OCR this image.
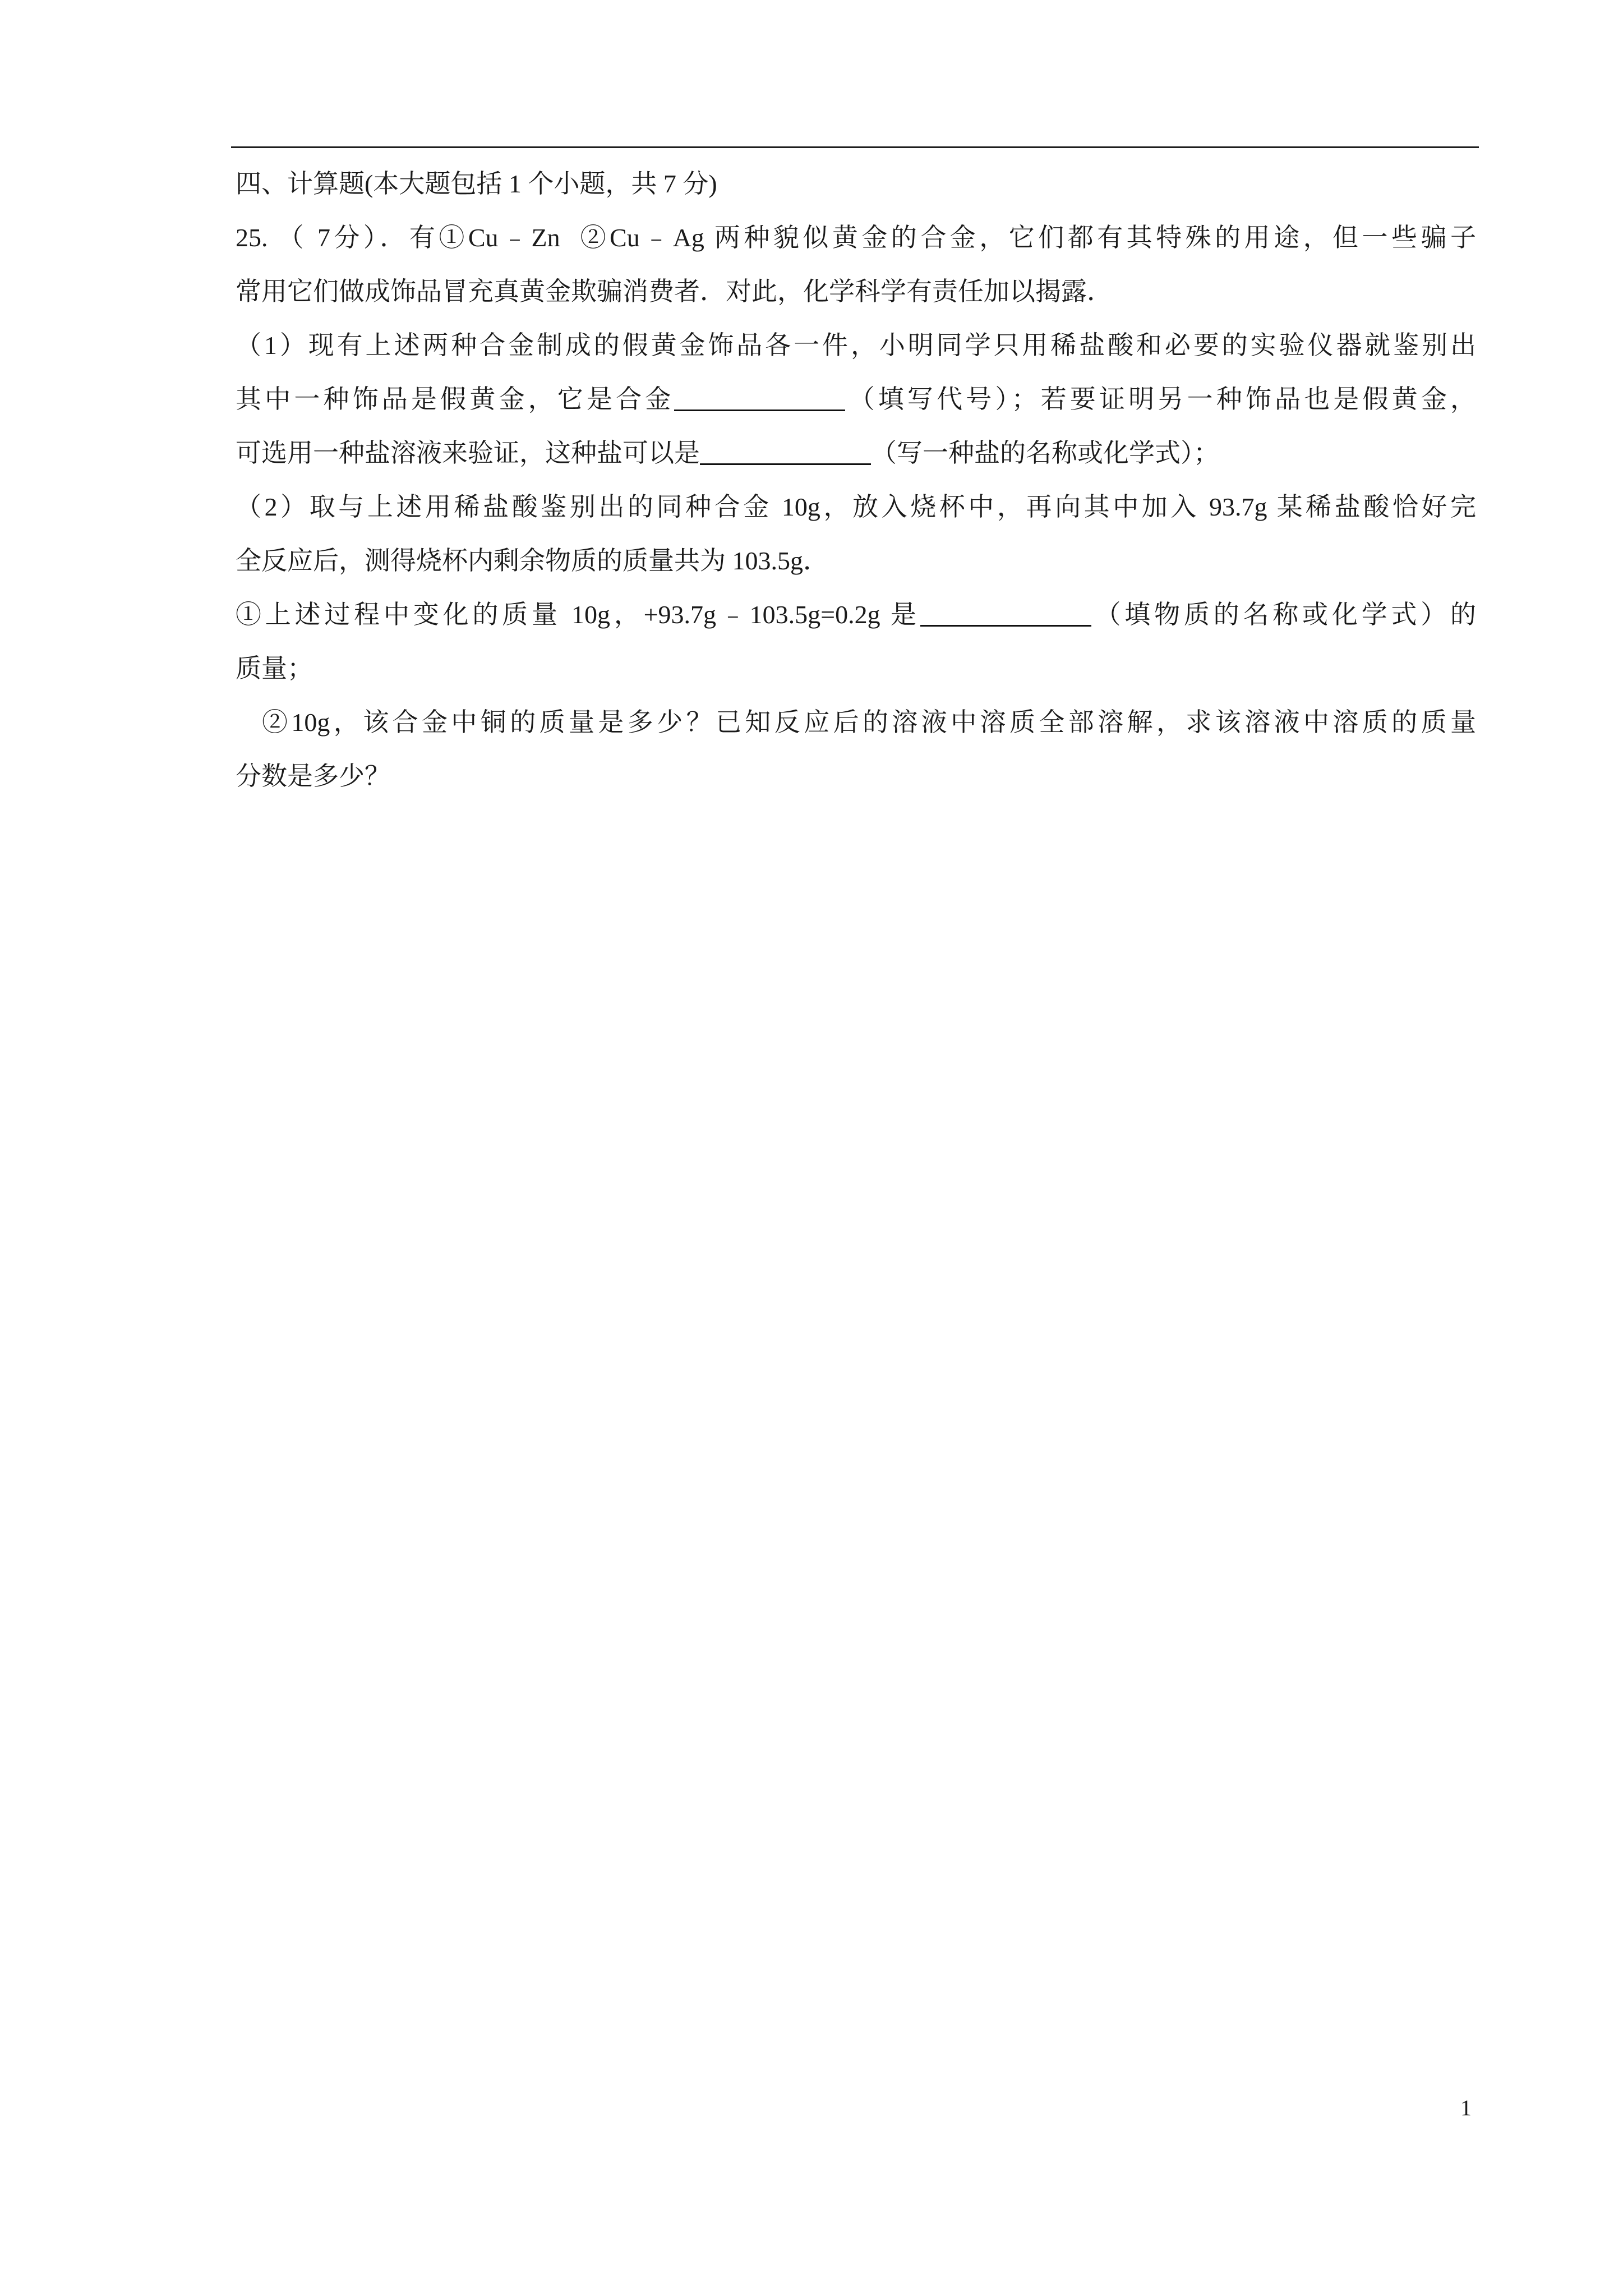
四、计算题(本大题包括 1 个小题，共 7 分)
25. （ 7分）．有①Cu﹣Zn  ②Cu﹣Ag 两种貌似黄金的合金，它们都有其特殊的用途，但一些骗子
常用它们做成饰品冒充真黄金欺骗消费者．对此，化学科学有责任加以揭露．
（1）现有上述两种合金制成的假黄金饰品各一件，小明同学只用稀盐酸和必要的实验仪器就鉴别出
其中一种饰品是假黄金，它是合金	（填写代号）；若要证明另一种饰品也是假黄金，
可选用一种盐溶液来验证，这种盐可以是	（写一种盐的名称或化学式）；
（2）取与上述用稀盐酸鉴别出的同种合金 10g，放入烧杯中，再向其中加入 93.7g 某稀盐酸恰好完
全反应后，测得烧杯内剩余物质的质量共为 103.5g．
①上述过程中变化的质量 10g，+93.7g﹣103.5g=0.2g 是	（填物质的名称或化学式）的
质量；
②10g，该合金中铜的质量是多少？已知反应后的溶液中溶质全部溶解，求该溶液中溶质的质量
分数是多少？
1
